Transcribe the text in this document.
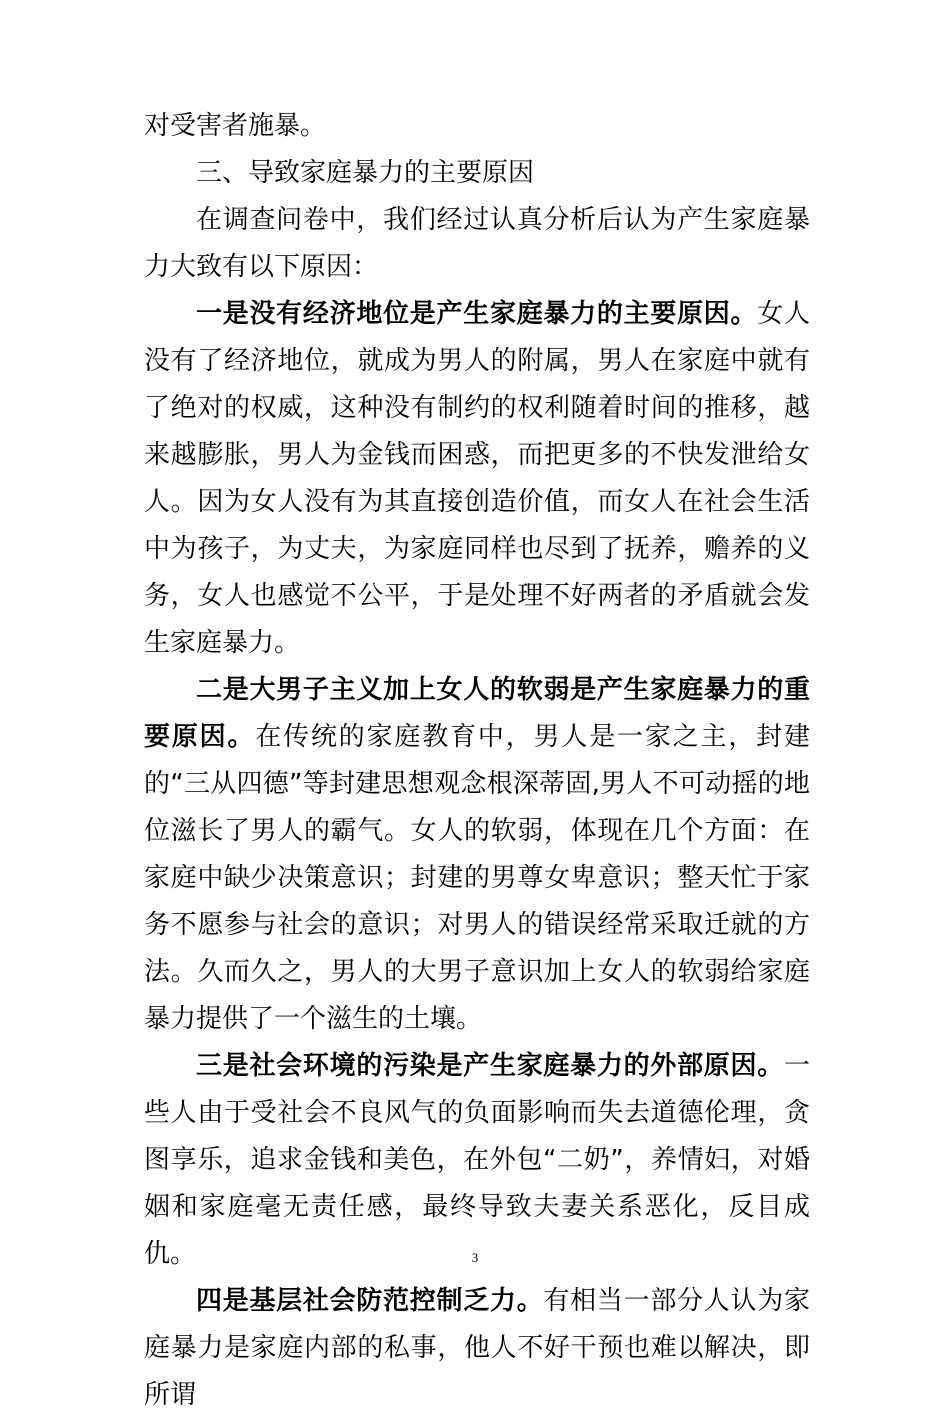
对受害者施暴。

三、导致家庭暴力的主要原因

在调查问卷中，我们经过认真分析后认为产生家庭暴力大致有以下原因：

一是没有经济地位是产生家庭暴力的主要原因。女人没有了经济地位，就成为男人的附属，男人在家庭中就有了绝对的权威，这种没有制约的权利随着时间的推移，越来越膨胀，男人为金钱而困惑，而把更多的不快发泄给女人。因为女人没有为其直接创造价值，而女人在社会生活中为孩子，为丈夫，为家庭同样也尽到了抚养，赡养的义务，女人也感觉不公平，于是处理不好两者的矛盾就会发生家庭暴力。

二是大男子主义加上女人的软弱是产生家庭暴力的重要原因。在传统的家庭教育中，男人是一家之主，封建的“三从四德”等封建思想观念根深蒂固,男人不可动摇的地位滋长了男人的霸气。女人的软弱，体现在几个方面：在家庭中缺少决策意识；封建的男尊女卑意识；整天忙于家务不愿参与社会的意识；对男人的错误经常采取迁就的方法。久而久之，男人的大男子意识加上女人的软弱给家庭暴力提供了一个滋生的土壤。

三是社会环境的污染是产生家庭暴力的外部原因。一些人由于受社会不良风气的负面影响而失去道德伦理，贪图享乐，追求金钱和美色，在外包“二奶”，养情妇，对婚姻和家庭毫无责任感，最终导致夫妻关系恶化，反目成仇。

四是基层社会防范控制乏力。有相当一部分人认为家庭暴力是家庭内部的私事，他人不好干预也难以解决，即所谓

3
